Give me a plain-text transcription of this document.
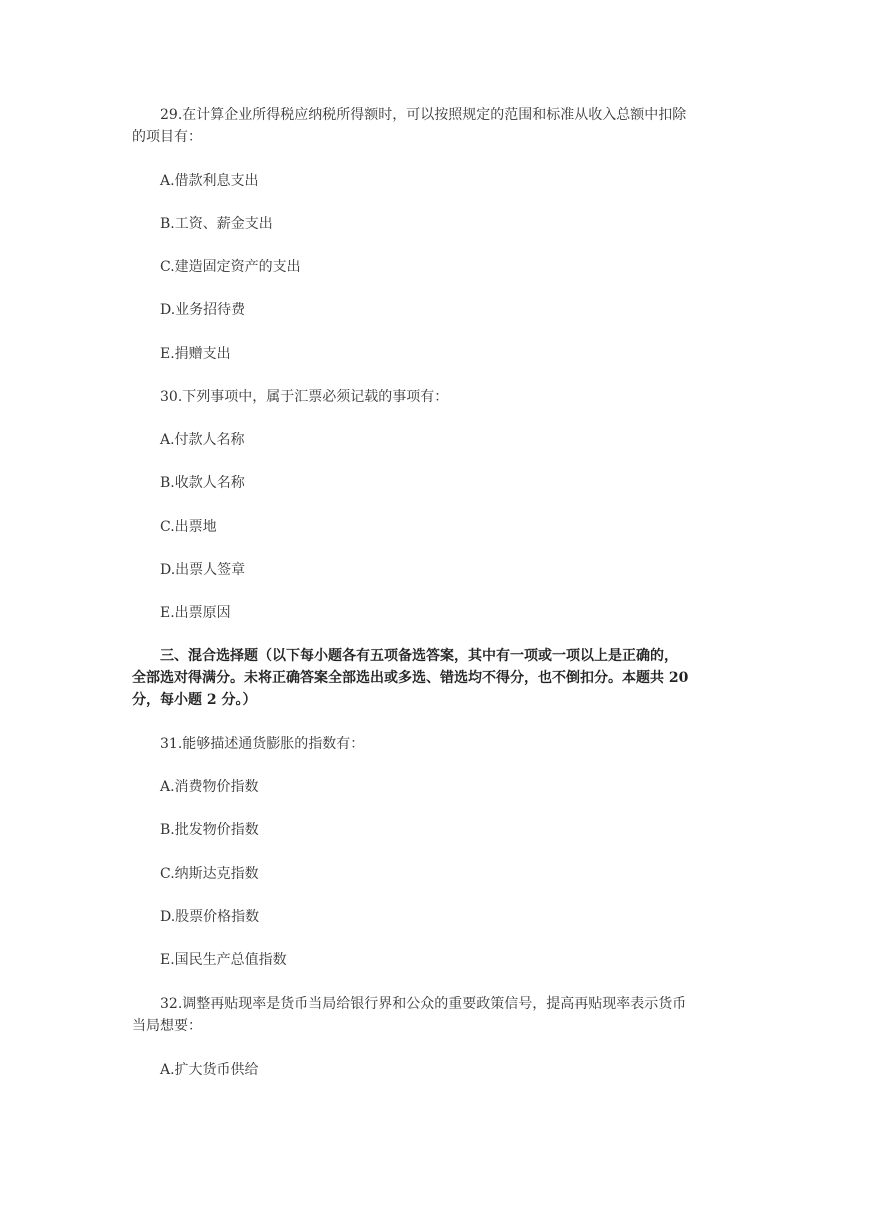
29.在计算企业所得税应纳税所得额时，可以按照规定的范围和标准从收入总额中扣除
的项目有：
A.借款利息支出
B.工资、薪金支出
C.建造固定资产的支出
D.业务招待费
E.捐赠支出
30.下列事项中，属于汇票必须记载的事项有：
A.付款人名称
B.收款人名称
C.出票地
D.出票人签章
E.出票原因
三、混合选择题（以下每小题各有五项备选答案，其中有一项或一项以上是正确的，
全部选对得满分。未将正确答案全部选出或多选、错选均不得分，也不倒扣分。本题共 20
分，每小题 2 分。）
31.能够描述通货膨胀的指数有：
A.消费物价指数
B.批发物价指数
C.纳斯达克指数
D.股票价格指数
E.国民生产总值指数
32.调整再贴现率是货币当局给银行界和公众的重要政策信号，提高再贴现率表示货币
当局想要：
A.扩大货币供给
